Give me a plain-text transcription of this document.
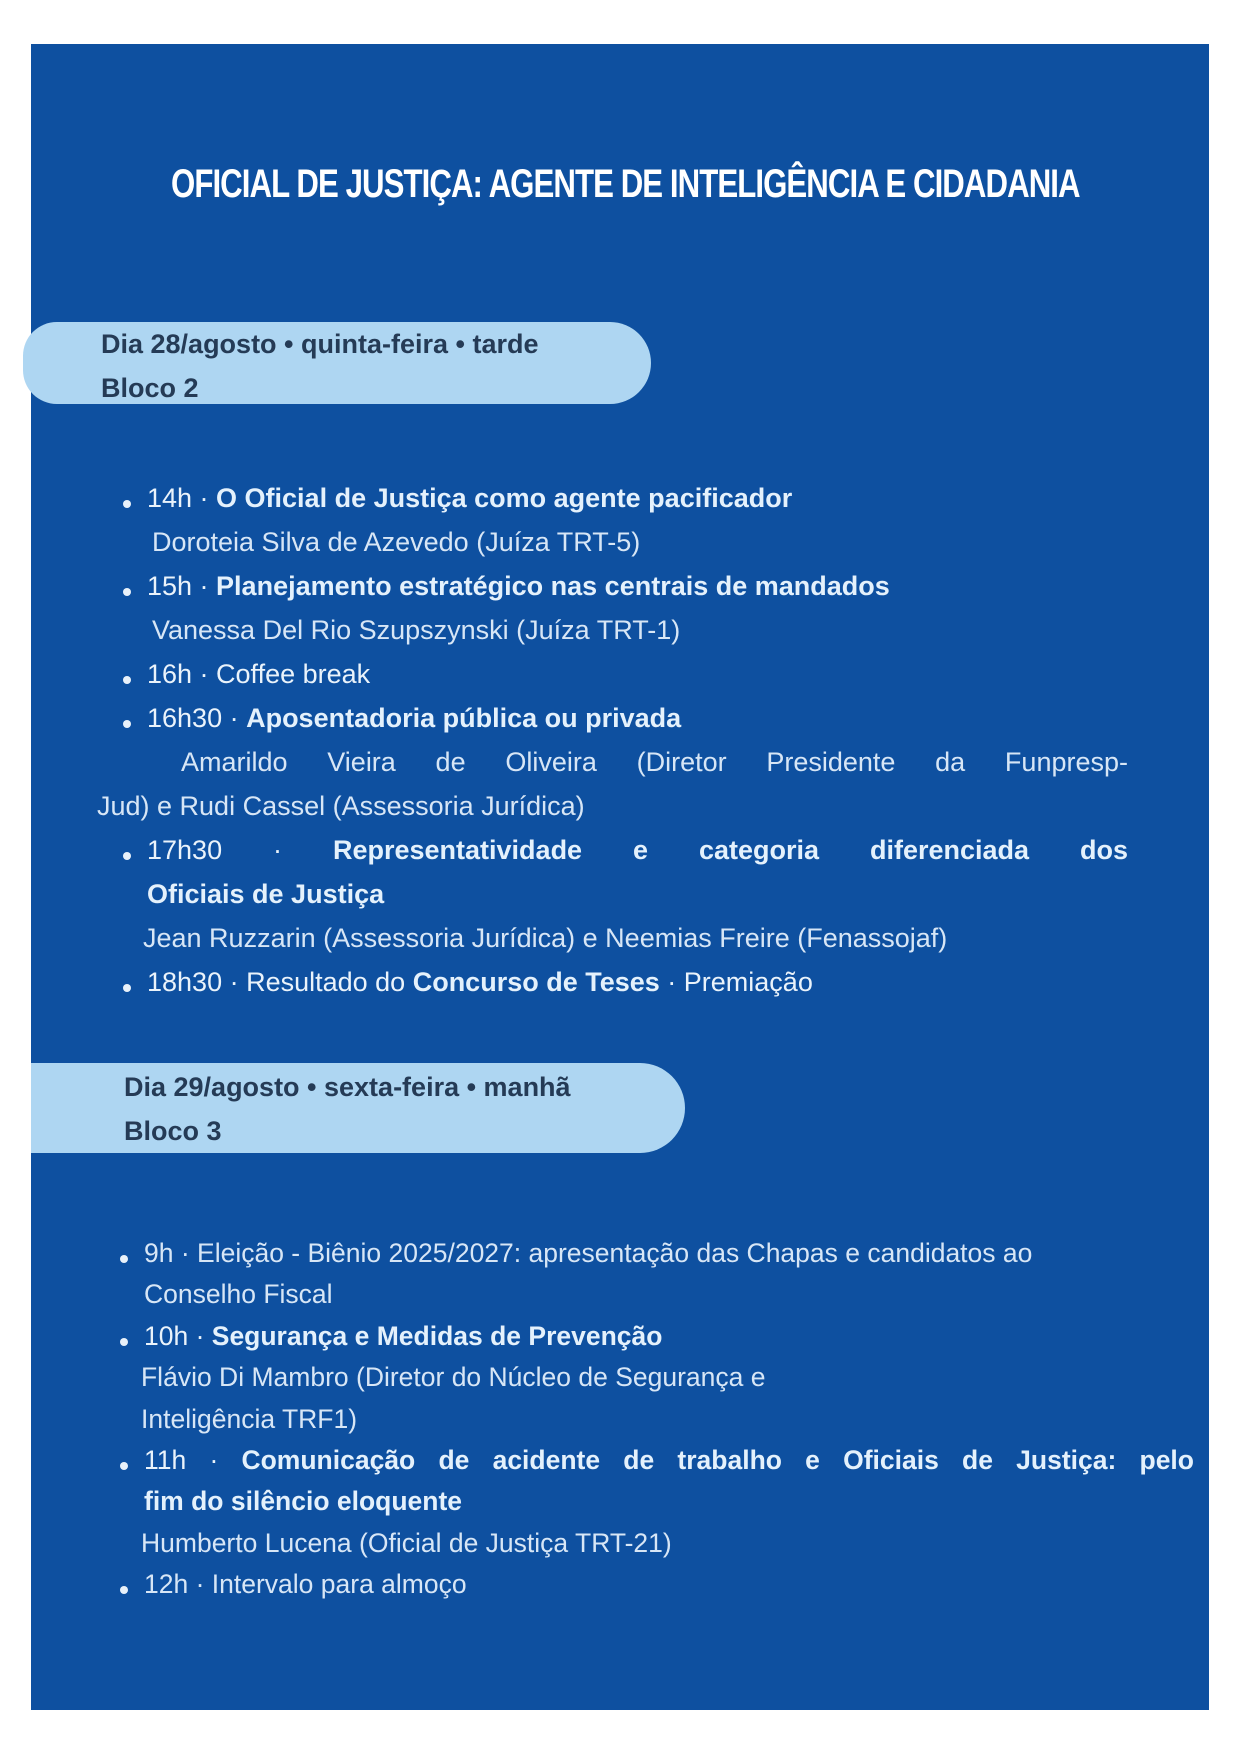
OFICIAL DE JUSTIÇA: AGENTE DE INTELIGÊNCIA E CIDADANIA
Dia 28/agosto • quinta-feira • tarde
Bloco 2
14h · O Oficial de Justiça como agente pacificador
Doroteia Silva de Azevedo (Juíza TRT-5)
15h · Planejamento estratégico nas centrais de mandados
Vanessa Del Rio Szupszynski (Juíza TRT-1)
16h · Coffee break
16h30 · Aposentadoria pública ou privada
Amarildo Vieira de Oliveira (Diretor Presidente da Funpresp-
Jud) e Rudi Cassel (Assessoria Jurídica)
17h30 · Representatividade e categoria diferenciada dos
Oficiais de Justiça
Jean Ruzzarin (Assessoria Jurídica) e Neemias Freire (Fenassojaf)
18h30 · Resultado do Concurso de Teses · Premiação
Dia 29/agosto • sexta-feira • manhã
Bloco 3
9h · Eleição - Biênio 2025/2027: apresentação das Chapas e candidatos ao
Conselho Fiscal
10h · Segurança e Medidas de Prevenção
Flávio Di Mambro (Diretor do Núcleo de Segurança e
Inteligência TRF1)
11h · Comunicação de acidente de trabalho e Oficiais de Justiça: pelo
fim do silêncio eloquente
Humberto Lucena (Oficial de Justiça TRT-21)
12h · Intervalo para almoço
